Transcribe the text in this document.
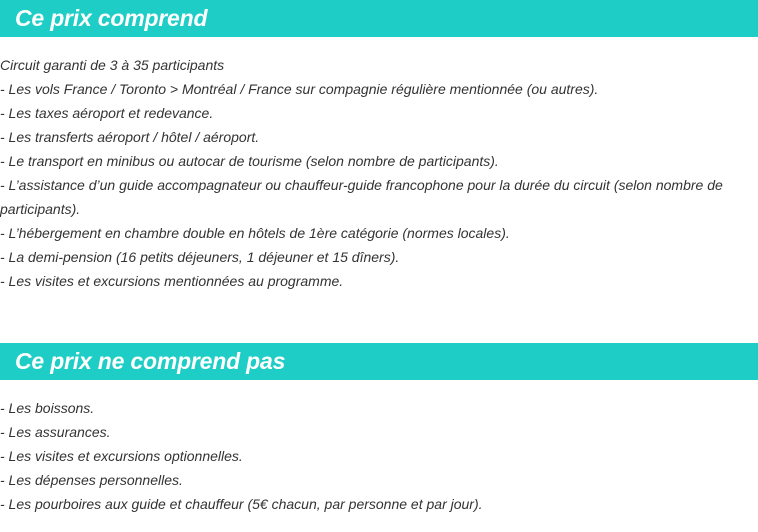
Ce prix comprend
Circuit garanti de 3 à 35 participants
- Les vols France / Toronto > Montréal / France sur compagnie régulière mentionnée (ou autres).
- Les taxes aéroport et redevance.
- Les transferts aéroport / hôtel / aéroport.
- Le transport en minibus ou autocar de tourisme (selon nombre de participants).
- L’assistance d’un guide accompagnateur ou chauffeur-guide francophone pour la durée du circuit (selon nombre de participants).
- L’hébergement en chambre double en hôtels de 1ère catégorie (normes locales).
- La demi-pension (16 petits déjeuners, 1 déjeuner et 15 dîners).
- Les visites et excursions mentionnées au programme.
Ce prix ne comprend pas
- Les boissons.
- Les assurances.
- Les visites et excursions optionnelles.
- Les dépenses personnelles.
- Les pourboires aux guide et chauffeur (5€ chacun, par personne et par jour).
